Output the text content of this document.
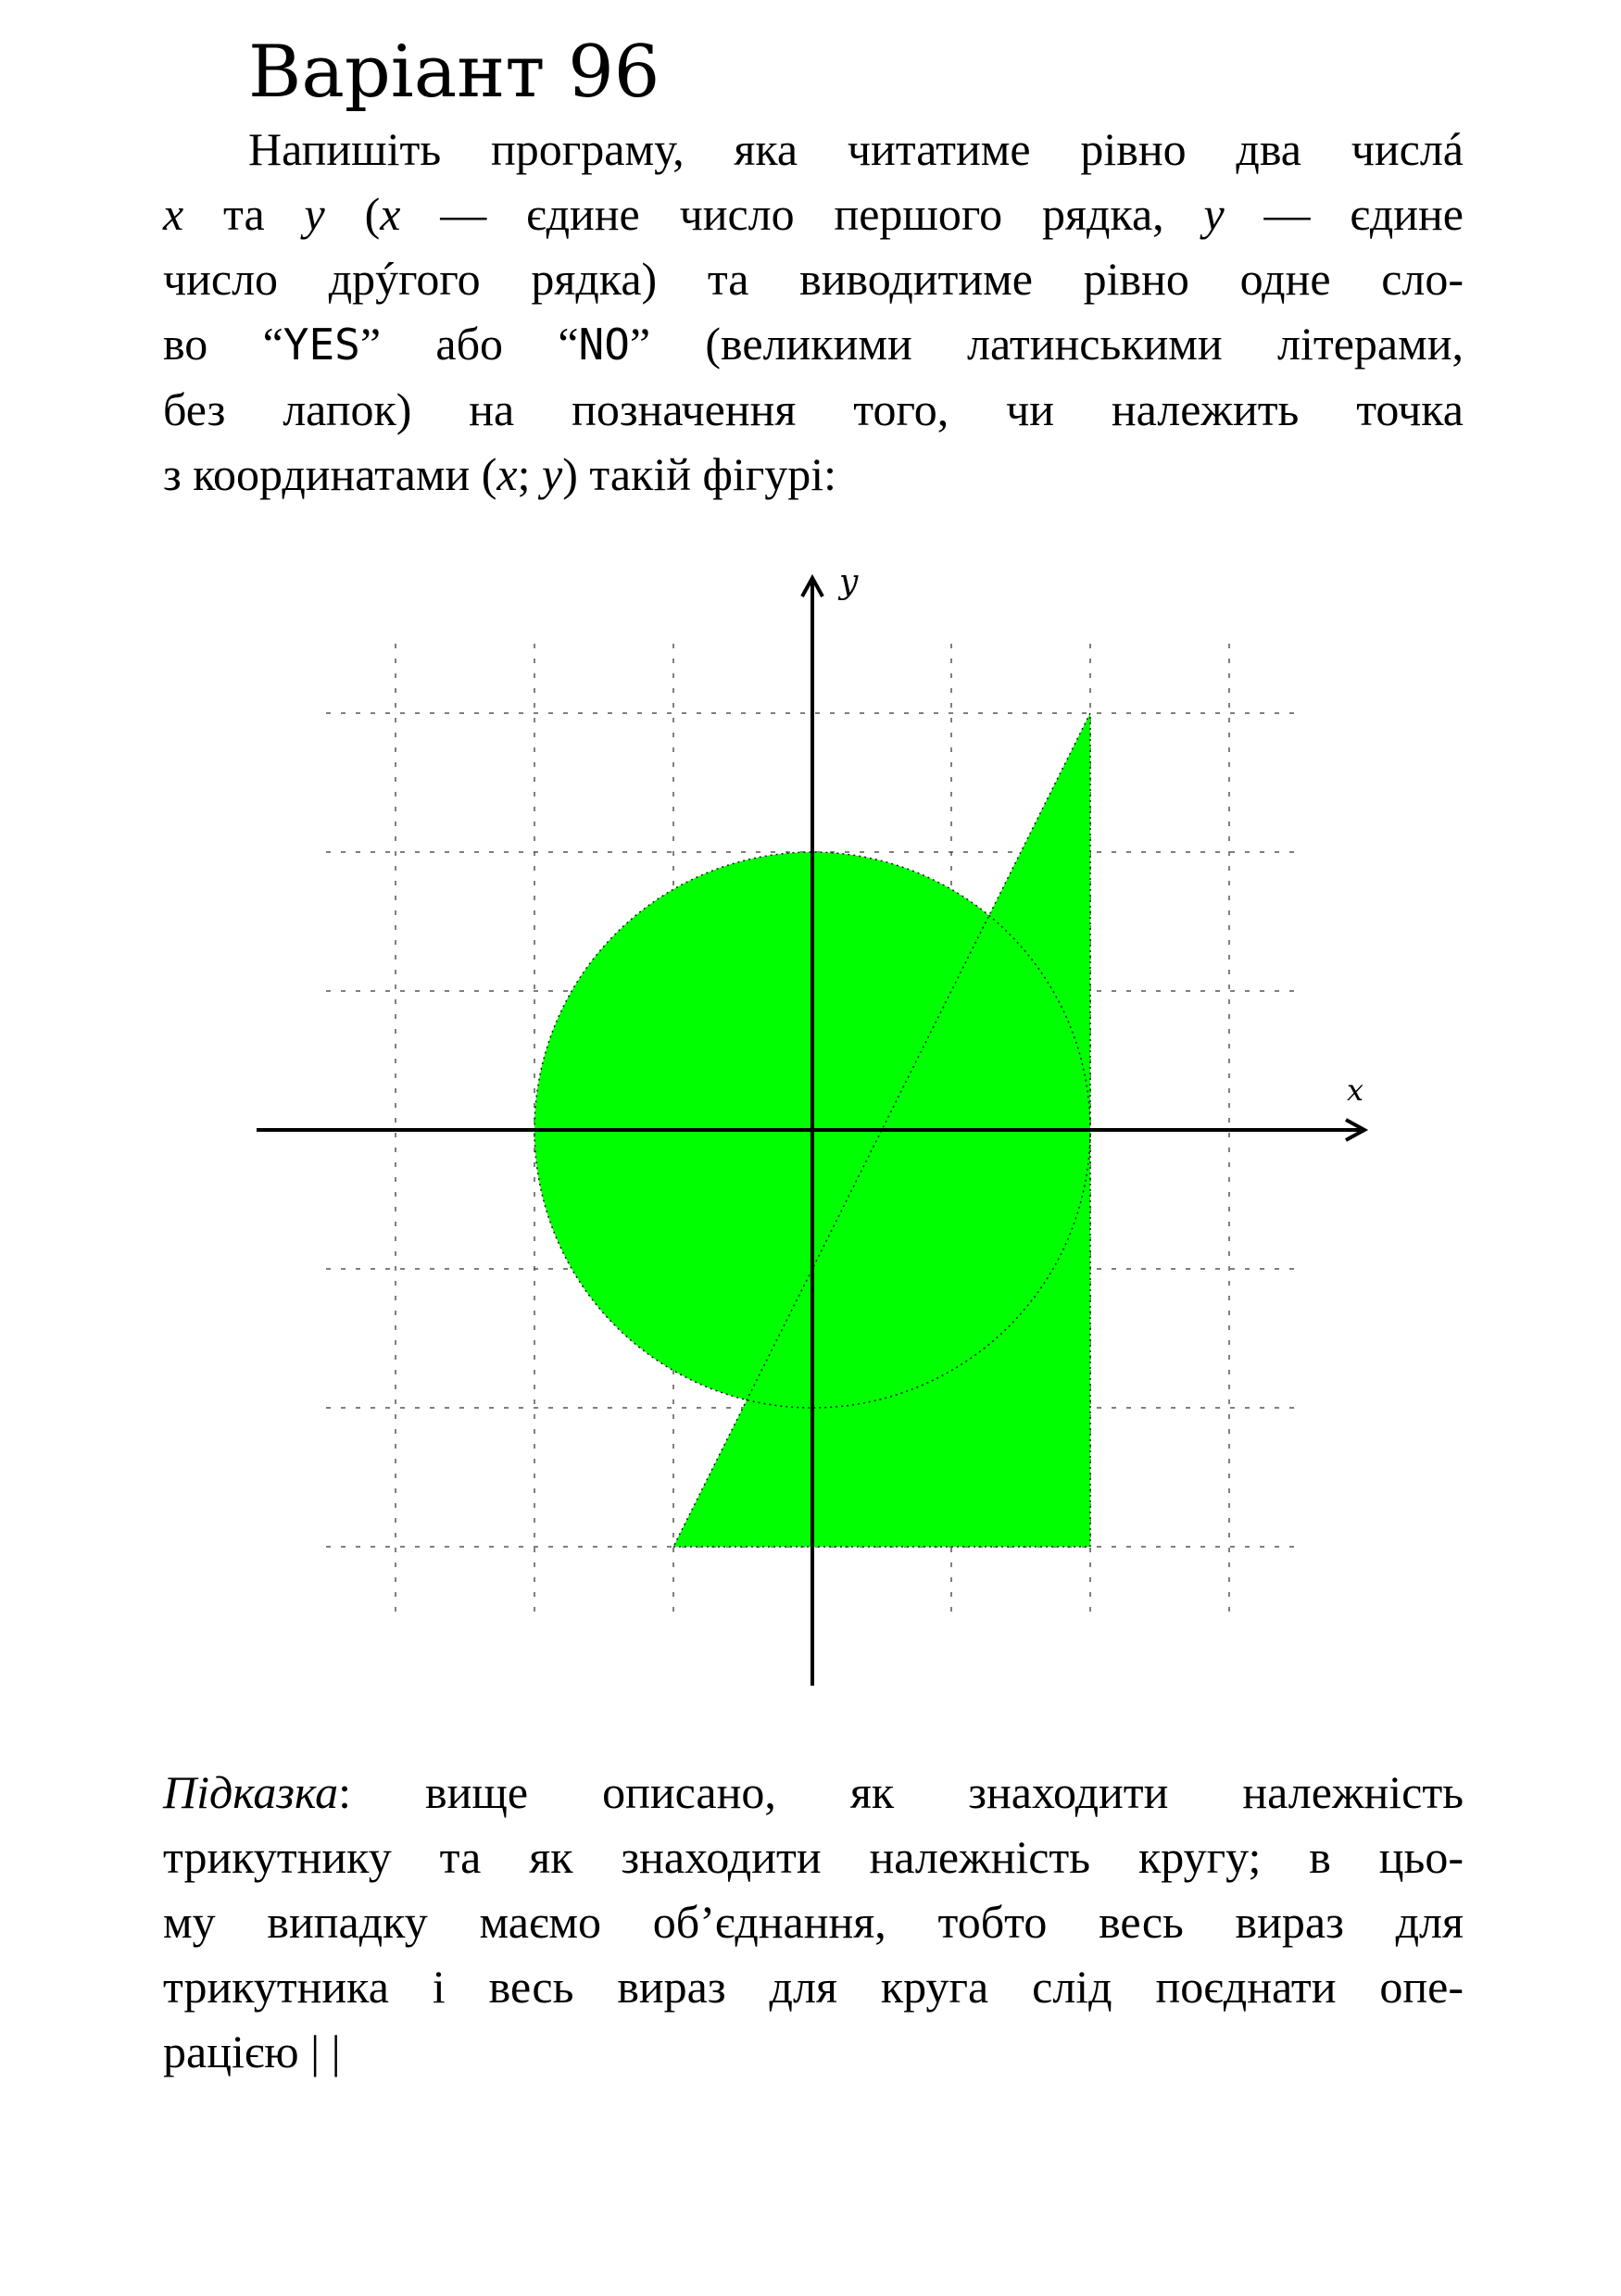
Варіант 96
Напишіть програму, яка читатиме рівно два числá
x та y (x — єдине число першого рядка, y — єдине
число дрýгого рядка) та виводитиме рівно одне сло-
во “YES” або “NO” (великими латинськими літерами,
без лапок) на позначення того, чи належить точка
з координатами (x; y) такій фігурі:
x
y
Підказка: вище описано, як знаходити належність
трикутнику та як знаходити належність кругу; в цьо-
му випадку маємо об’єднання, тобто весь вираз для
трикутника і весь вираз для круга слід поєднати опе-
рацією | |
